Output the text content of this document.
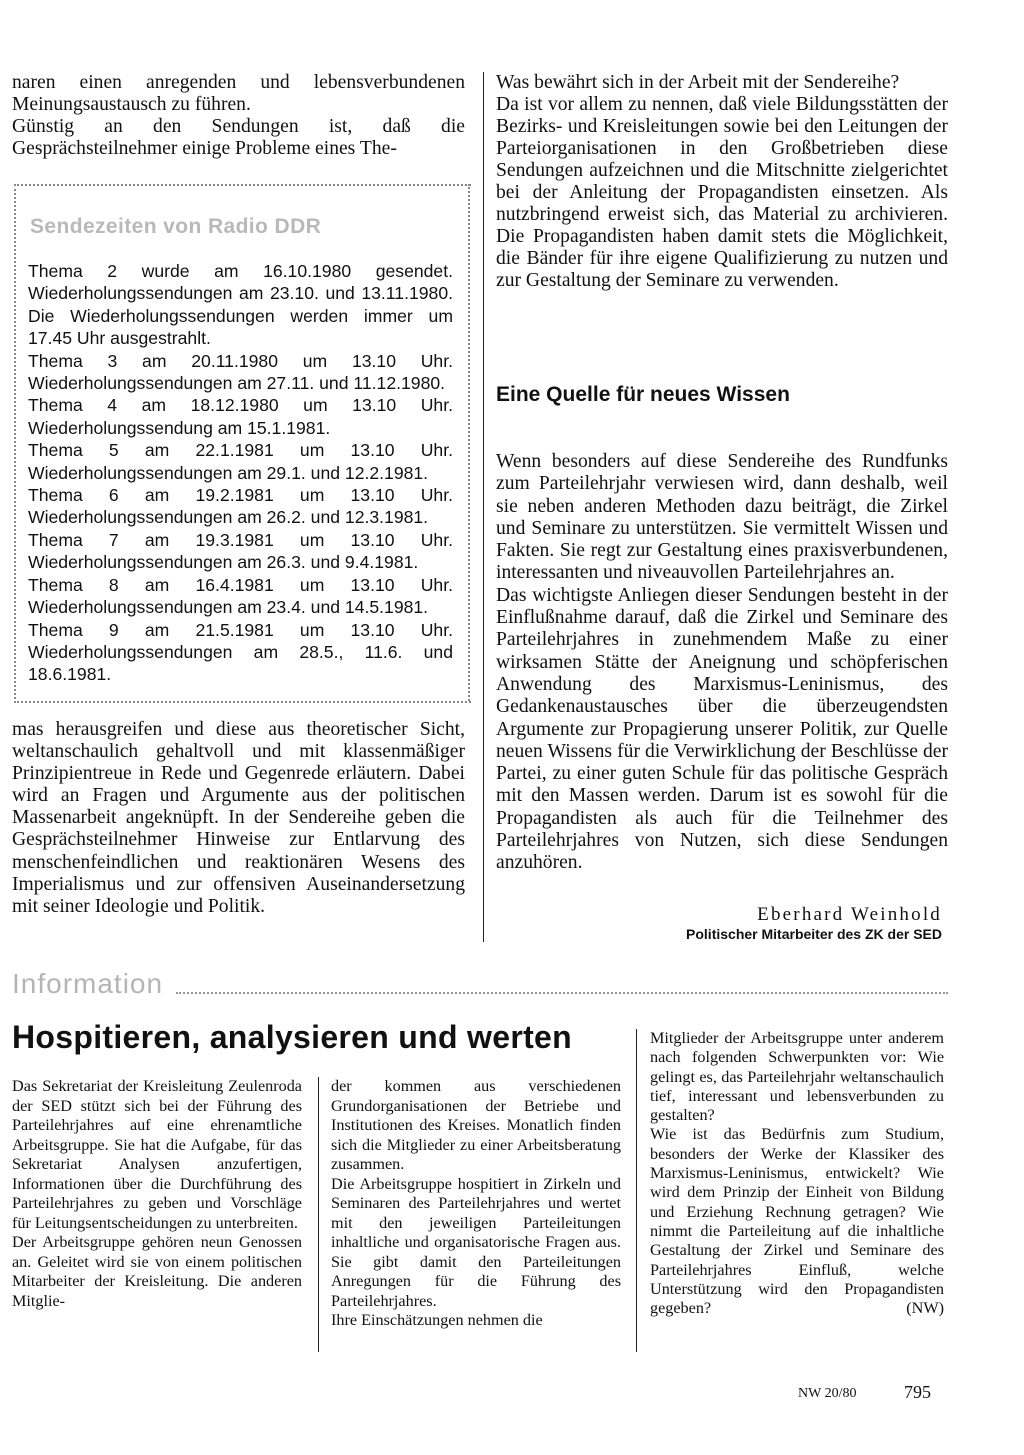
naren einen anregenden und lebensverbundenen Meinungsaustausch zu führen.

Günstig an den Sendungen ist, daß die Gesprächsteilnehmer einige Probleme eines The-

Sendezeiten von Radio DDR

Thema 2 wurde am 16.10.1980 gesendet. Wiederholungssendungen am 23.10. und 13.11.1980. Die Wiederholungssendungen werden immer um 17.45 Uhr ausgestrahlt.

Thema 3 am 20.11.1980 um 13.10 Uhr. Wiederholungssendungen am 27.11. und 11.12.1980.

Thema 4 am 18.12.1980 um 13.10 Uhr. Wiederholungssendung am 15.1.1981.

Thema 5 am 22.1.1981 um 13.10 Uhr. Wiederholungssendungen am 29.1. und 12.2.1981.

Thema 6 am 19.2.1981 um 13.10 Uhr. Wiederholungssendungen am 26.2. und 12.3.1981.

Thema 7 am 19.3.1981 um 13.10 Uhr. Wiederholungssendungen am 26.3. und 9.4.1981.

Thema 8 am 16.4.1981 um 13.10 Uhr. Wiederholungssendungen am 23.4. und 14.5.1981.

Thema 9 am 21.5.1981 um 13.10 Uhr. Wiederholungssendungen am 28.5., 11.6. und 18.6.1981.

mas herausgreifen und diese aus theoretischer Sicht, weltanschaulich gehaltvoll und mit klassenmäßiger Prinzipientreue in Rede und Gegenrede erläutern. Dabei wird an Fragen und Argumente aus der politischen Massenarbeit angeknüpft. In der Sendereihe geben die Gesprächsteilnehmer Hinweise zur Entlarvung des menschenfeindlichen und reaktionären Wesens des Imperialismus und zur offensiven Auseinandersetzung mit seiner Ideologie und Politik.

Was bewährt sich in der Arbeit mit der Sendereihe?

Da ist vor allem zu nennen, daß viele Bildungsstätten der Bezirks- und Kreisleitungen sowie bei den Leitungen der Parteiorganisationen in den Großbetrieben diese Sendungen aufzeichnen und die Mitschnitte zielgerichtet bei der Anleitung der Propagandisten einsetzen. Als nutzbringend erweist sich, das Material zu archivieren. Die Propagandisten haben damit stets die Möglichkeit, die Bänder für ihre eigene Qualifizierung zu nutzen und zur Gestaltung der Seminare zu verwenden.

Eine Quelle für neues Wissen

Wenn besonders auf diese Sendereihe des Rundfunks zum Parteilehrjahr verwiesen wird, dann deshalb, weil sie neben anderen Methoden dazu beiträgt, die Zirkel und Seminare zu unterstützen. Sie vermittelt Wissen und Fakten. Sie regt zur Gestaltung eines praxisverbundenen, interessanten und niveauvollen Parteilehrjahres an.

Das wichtigste Anliegen dieser Sendungen besteht in der Einflußnahme darauf, daß die Zirkel und Seminare des Parteilehrjahres in zunehmendem Maße zu einer wirksamen Stätte der Aneignung und schöpferischen Anwendung des Marxismus-Leninismus, des Gedankenaustausches über die überzeugendsten Argumente zur Propagierung unserer Politik, zur Quelle neuen Wissens für die Verwirklichung der Beschlüsse der Partei, zu einer guten Schule für das politische Gespräch mit den Massen werden. Darum ist es sowohl für die Propagandisten als auch für die Teilnehmer des Parteilehrjahres von Nutzen, sich diese Sendungen anzuhören.

Eberhard Weinhold
Politischer Mitarbeiter des ZK der SED
Information
Hospitieren, analysieren und werten

Das Sekretariat der Kreisleitung Zeulenroda der SED stützt sich bei der Führung des Parteilehrjahres auf eine ehrenamtliche Arbeitsgruppe. Sie hat die Aufgabe, für das Sekretariat Analysen anzufertigen, Informationen über die Durchführung des Parteilehrjahres zu geben und Vorschläge für Leitungsentscheidungen zu unterbreiten.

Der Arbeitsgruppe gehören neun Genossen an. Geleitet wird sie von einem politischen Mitarbeiter der Kreisleitung. Die anderen Mitglie-

der kommen aus verschiedenen Grundorganisationen der Betriebe und Institutionen des Kreises. Monatlich finden sich die Mitglieder zu einer Arbeitsberatung zusammen.

Die Arbeitsgruppe hospitiert in Zirkeln und Seminaren des Parteilehrjahres und wertet mit den jeweiligen Parteileitungen inhaltliche und organisatorische Fragen aus. Sie gibt damit den Parteileitungen Anregungen für die Führung des Parteilehrjahres.

Ihre Einschätzungen nehmen die

Mitglieder der Arbeitsgruppe unter anderem nach folgenden Schwerpunkten vor: Wie gelingt es, das Parteilehrjahr weltanschaulich tief, interessant und lebensverbunden zu gestalten?

Wie ist das Bedürfnis zum Studium, besonders der Werke der Klassiker des Marxismus-Leninismus, entwickelt? Wie wird dem Prinzip der Einheit von Bildung und Erziehung Rechnung getragen? Wie nimmt die Parteileitung auf die inhaltliche Gestaltung der Zirkel und Seminare des Parteilehrjahres Einfluß, welche Unterstützung wird den Propagandisten gegeben?	(NW)

NW 20/80	795
